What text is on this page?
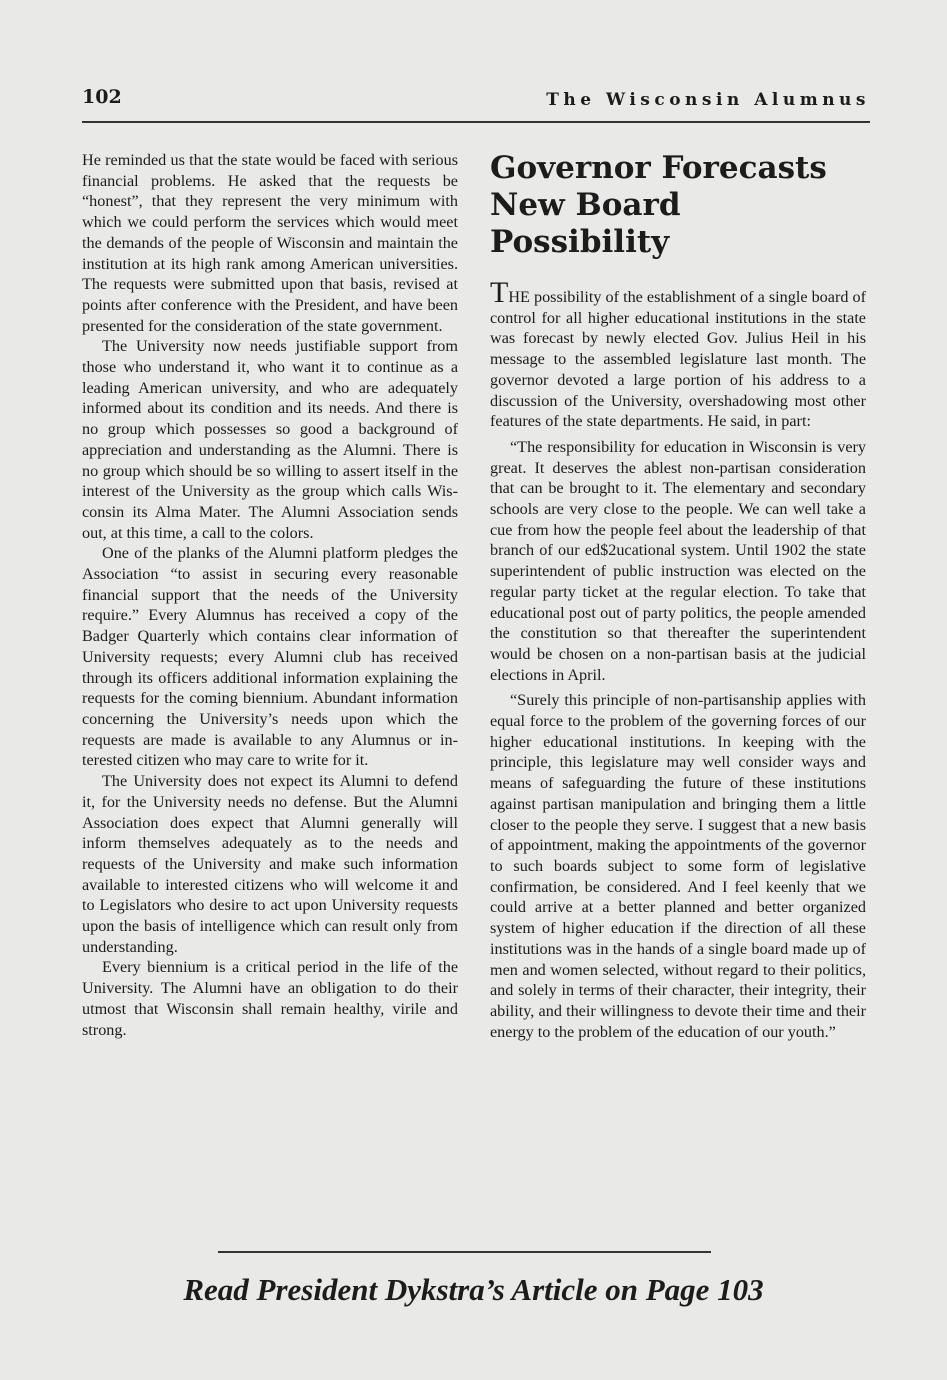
102	The Wisconsin Alumnus

He reminded us that the state would be faced with serious financial problems. He asked that the requests be “honest”, that they represent the very minimum with which we could perform the services which would meet the demands of the people of Wisconsin and maintain the institution at its high rank among American universities. The requests were submitted upon that basis, revised at points after conference with the President, and have been presented for the consideration of the state government.

The University now needs justifiable support from those who understand it, who want it to continue as a leading American university, and who are adequately informed about its condition and its needs. And there is no group which possesses so good a background of appreciation and understanding as the Alumni. There is no group which should be so willing to assert itself in the interest of the University as the group which calls Wisconsin its Alma Mater. The Alumni Association sends out, at this time, a call to the colors.

One of the planks of the Alumni platform pledges the Association “to assist in securing every reasonable financial support that the needs of the University require.” Every Alumnus has received a copy of the Badger Quarterly which contains clear information of University requests; every Alumni club has received through its officers additional information explaining the requests for the coming biennium. Abundant information concerning the University’s needs upon which the requests are made is available to any Alumnus or interested citizen who may care to write for it.

The University does not expect its Alumni to defend it, for the University needs no defense. But the Alumni Association does expect that Alumni generally will inform themselves adequately as to the needs and requests of the University and make such information available to interested citizens who will welcome it and to Legislators who desire to act upon University requests upon the basis of intelligence which can result only from understanding.

Every biennium is a critical period in the life of the University. The Alumni have an obligation to do their utmost that Wisconsin shall remain healthy, virile and strong.

Governor Forecasts
New Board Possibility

THE possibility of the establishment of a single board of control for all higher educational institutions in the state was forecast by newly elected Gov. Julius Heil in his message to the assembled legislature last month. The governor devoted a large portion of his address to a discussion of the University, overshadowing most other features of the state departments. He said, in part:

“The responsibility for education in Wisconsin is very great. It deserves the ablest non-partisan consideration that can be brought to it. The elementary and secondary schools are very close to the people. We can well take a cue from how the people feel about the leadership of that branch of our ed$2ucational system. Until 1902 the state superintendent of public instruction was elected on the regular party ticket at the regular election. To take that educational post out of party politics, the people amended the constitution so that thereafter the superintendent would be chosen on a non-partisan basis at the judicial elections in April.

“Surely this principle of non-partisanship applies with equal force to the problem of the governing forces of our higher educational institutions. In keeping with the principle, this legislature may well consider ways and means of safeguarding the future of these institutions against partisan manipulation and bringing them a little closer to the people they serve. I suggest that a new basis of appointment, making the appointments of the governor to such boards subject to some form of legislative confirmation, be considered. And I feel keenly that we could arrive at a better planned and better organized system of higher education if the direction of all these institutions was in the hands of a single board made up of men and women selected, without regard to their politics, and solely in terms of their character, their integrity, their ability, and their willingness to devote their time and their energy to the problem of the education of our youth.”

Read President Dykstra’s Article on Page 103
